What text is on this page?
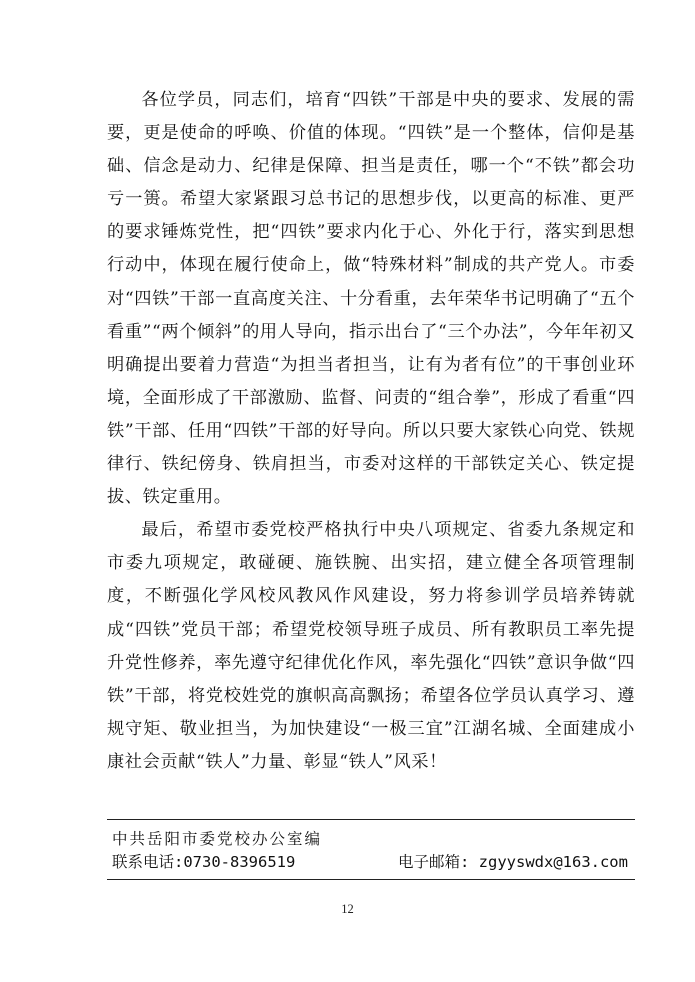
各位学员，同志们，培育“四铁”干部是中央的要求、发展的需要，更是使命的呼唤、价值的体现。“四铁”是一个整体，信仰是基础、信念是动力、纪律是保障、担当是责任，哪一个“不铁”都会功亏一篑。希望大家紧跟习总书记的思想步伐，以更高的标准、更严的要求锤炼党性，把“四铁”要求内化于心、外化于行，落实到思想行动中，体现在履行使命上，做“特殊材料”制成的共产党人。市委对“四铁”干部一直高度关注、十分看重，去年荣华书记明确了“五个看重”“两个倾斜”的用人导向，指示出台了“三个办法”，今年年初又明确提出要着力营造“为担当者担当，让有为者有位”的干事创业环境，全面形成了干部激励、监督、问责的“组合拳”，形成了看重“四铁”干部、任用“四铁”干部的好导向。所以只要大家铁心向党、铁规律行、铁纪傍身、铁肩担当，市委对这样的干部铁定关心、铁定提拔、铁定重用。

最后，希望市委党校严格执行中央八项规定、省委九条规定和市委九项规定，敢碰硬、施铁腕、出实招，建立健全各项管理制度，不断强化学风校风教风作风建设，努力将参训学员培养铸就成“四铁”党员干部；希望党校领导班子成员、所有教职员工率先提升党性修养，率先遵守纪律优化作风，率先强化“四铁”意识争做“四铁”干部，将党校姓党的旗帜高高飘扬；希望各位学员认真学习、遵规守矩、敬业担当，为加快建设“一极三宜”江湖名城、全面建成小康社会贡献“铁人”力量、彰显“铁人”风采！

中共岳阳市委党校办公室编
联系电话:0730-8396519	电子邮箱: zgyyswdx@163.com
12
